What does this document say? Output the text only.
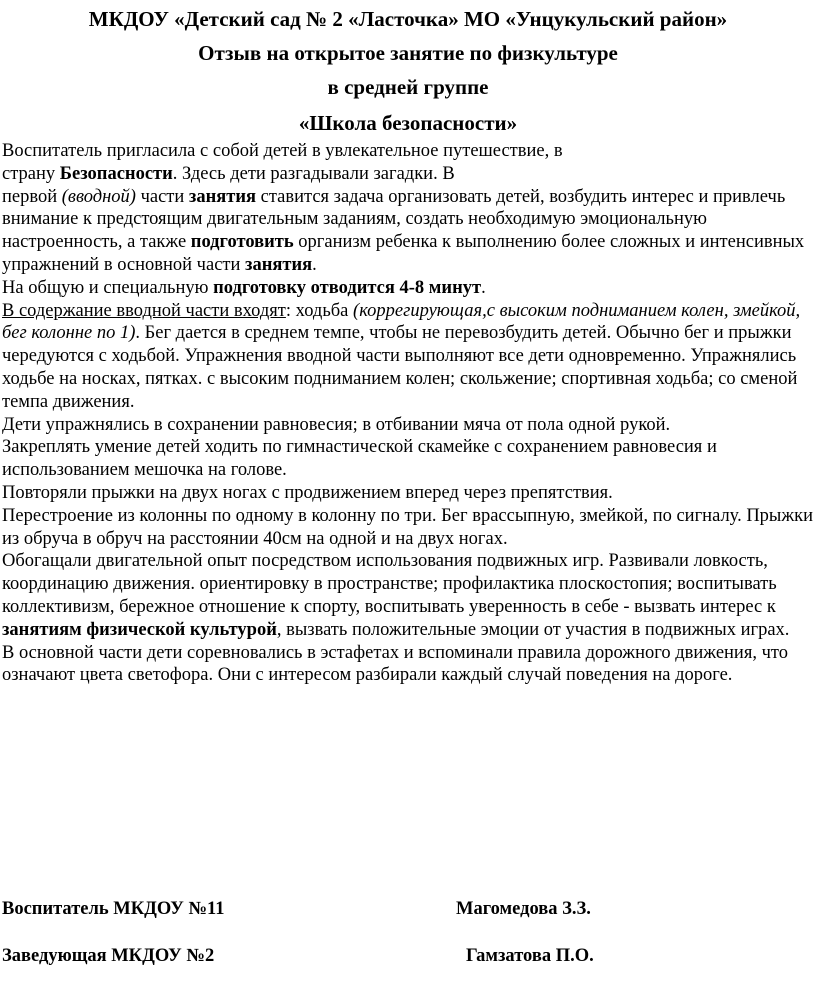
МКДОУ «Детский сад № 2 «Ласточка» МО «Унцукульский район»
Отзыв на открытое занятие по физкультуре
в средней группе
«Школа безопасности»

Воспитатель пригласила с собой детей в увлекательное путешествие, в
страну Безопасности. Здесь дети разгадывали загадки. В
первой (вводной) части занятия ставится задача организовать детей, возбудить интерес и привлечь внимание к предстоящим двигательным заданиям, создать необходимую эмоциональную настроенность, а также подготовить организм ребенка к выполнению более сложных и интенсивных упражнений в основной части занятия.

На общую и специальную подготовку отводится 4-8 минут.

В содержание вводной части входят: ходьба (коррегирующая,с высоким подниманием колен, змейкой, бег колонне по 1). Бег дается в среднем темпе, чтобы не перевозбудить детей. Обычно бег и прыжки чередуются с ходьбой. Упражнения вводной части выполняют все дети одновременно. Упражнялись ходьбе на носках, пятках. с высоким подниманием колен; скольжение; спортивная ходьба; со сменой темпа движения.

Дети упражнялись в сохранении равновесия; в отбивании мяча от пола одной рукой.

Закреплять умение детей ходить по гимнастической скамейке с сохранением равновесия и использованием мешочка на голове.

Повторяли прыжки на двух ногах с продвижением вперед через препятствия.

Перестроение из колонны по одному в колонну по три. Бег врассыпную, змейкой, по сигналу. Прыжки из обруча в обруч на расстоянии 40см на одной и на двух ногах.

Обогащали двигательной опыт посредством использования подвижных игр. Развивали ловкость, координацию движения. ориентировку в пространстве; профилактика плоскостопия; воспитывать коллективизм, бережное отношение к спорту, воспитывать уверенность в себе - вызвать интерес к занятиям физической культурой, вызвать положительные эмоции от участия в подвижных играх.

В основной части дети соревновались в эстафетах и вспоминали правила дорожного движения, что означают цвета светофора. Они с интересом разбирали каждый случай поведения на дороге.

Воспитатель МКДОУ №11	Магомедова З.З.
Заведующая МКДОУ №2	Гамзатова П.О.
